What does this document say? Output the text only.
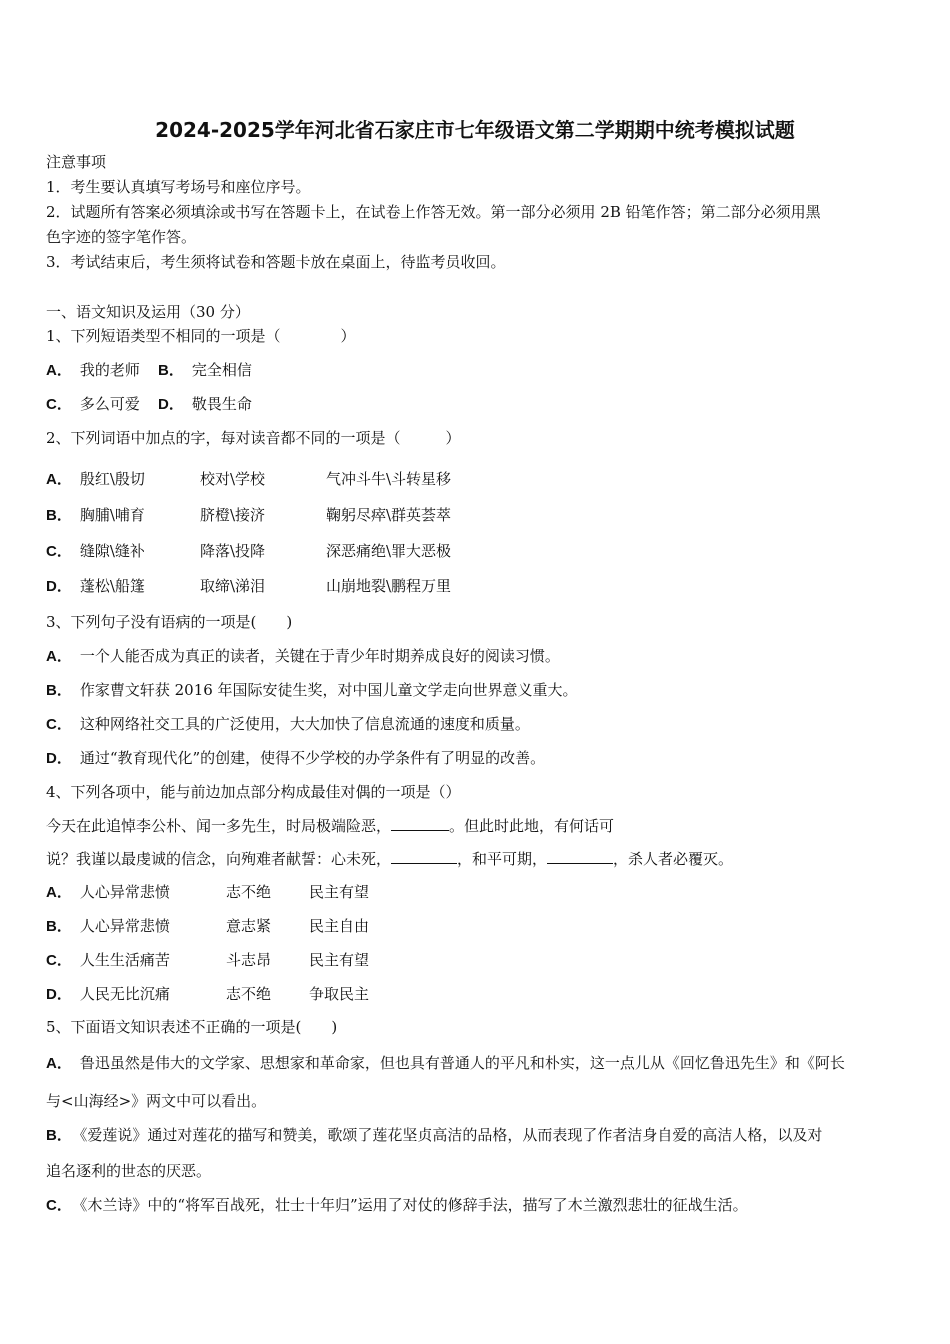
2024-2025学年河北省石家庄市七年级语文第二学期期中统考模拟试题
注意事项
1．考生要认真填写考场号和座位序号。
2．试题所有答案必须填涂或书写在答题卡上，在试卷上作答无效。第一部分必须用 2B 铅笔作答；第二部分必须用黑
色字迹的签字笔作答。
3．考试结束后，考生须将试卷和答题卡放在桌面上，待监考员收回。
一、语文知识及运用（30 分）
1、下列短语类型不相同的一项是（　　　　）
A． 我的老师 B． 完全相信
C． 多么可爱 D． 敬畏生命
2、下列词语中加点的字，每对读音都不同的一项是（　　　）
A． 殷红\殷切	校对\学校	气冲斗牛\斗转星移
B． 胸脯\哺育	脐橙\接济	鞠躬尽瘁\群英荟萃
C． 缝隙\缝补	降落\投降	深恶痛绝\罪大恶极
D． 蓬松\船篷	取缔\涕泪	山崩地裂\鹏程万里
3、下列句子没有语病的一项是(　　)
A． 一个人能否成为真正的读者，关键在于青少年时期养成良好的阅读习惯。
B． 作家曹文轩获 2016 年国际安徒生奖，对中国儿童文学走向世界意义重大。
C． 这种网络社交工具的广泛使用，大大加快了信息流通的速度和质量。
D． 通过“教育现代化”的创建，使得不少学校的办学条件有了明显的改善。
4、下列各项中，能与前边加点部分构成最佳对偶的一项是（）
今天在此追悼李公朴、闻一多先生，时局极端险恶，	。但此时此地，有何话可
说？我谨以最虔诚的信念，向殉难者献誓：心未死，	，和平可期，	，杀人者必覆灭。
A． 人心异常悲愤	志不绝	民主有望
B． 人心异常悲愤	意志紧	民主自由
C． 人生生活痛苦	斗志昂	民主有望
D． 人民无比沉痛	志不绝	争取民主
5、下面语文知识表述不正确的一项是(　　)
A． 鲁迅虽然是伟大的文学家、思想家和革命家，但也具有普通人的平凡和朴实，这一点儿从《回忆鲁迅先生》和《阿长
与<山海经>》两文中可以看出。
B． 《爱莲说》通过对莲花的描写和赞美，歌颂了莲花坚贞高洁的品格，从而表现了作者洁身自爱的高洁人格，以及对
追名逐利的世态的厌恶。
C． 《木兰诗》中的“将军百战死，壮士十年归”运用了对仗的修辞手法，描写了木兰激烈悲壮的征战生活。
